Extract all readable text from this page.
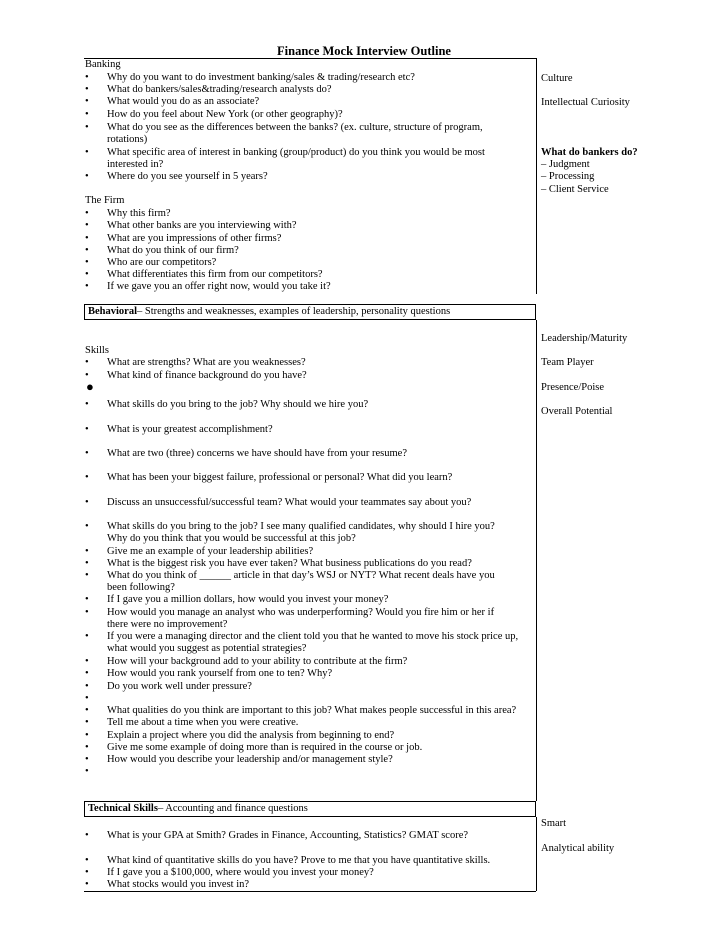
Finance Mock Interview Outline
Banking
• Why do you want to do investment banking/sales & trading/research etc?
• What do bankers/sales&trading/research analysts do?
• What would you do as an associate?
• How do you feel about New York (or other geography)?
• What do you see as the differences between the banks? (ex. culture, structure of program,
rotations)
• What specific area of interest in banking (group/product) do you think you would be most
interested in?
• Where do you see yourself in 5 years?
The Firm
• Why this firm?
• What other banks are you interviewing with?
• What are you impressions of other firms?
• What do you think of our firm?
• Who are our competitors?
• What differentiates this firm from our competitors?
• If we gave you an offer right now, would you take it?
Behavioral– Strengths and weaknesses, examples of leadership, personality questions
Skills
• What are strengths? What are you weaknesses?
• What kind of finance background do you have?
●
• What skills do you bring to the job? Why should we hire you?
• What is your greatest accomplishment?
• What are two (three) concerns we have should have from your resume?
• What has been your biggest failure, professional or personal? What did you learn?
• Discuss an unsuccessful/successful team? What would your teammates say about you?
• What skills do you bring to the job? I see many qualified candidates, why should I hire you?
Why do you think that you would be successful at this job?
• Give me an example of your leadership abilities?
• What is the biggest risk you have ever taken? What business publications do you read?
• What do you think of ______ article in that day’s WSJ or NYT? What recent deals have you
been following?
• If I gave you a million dollars, how would you invest your money?
• How would you manage an analyst who was underperforming? Would you fire him or her if
there were no improvement?
• If you were a managing director and the client told you that he wanted to move his stock price up,
what would you suggest as potential strategies?
• How will your background add to your ability to contribute at the firm?
• How would you rank yourself from one to ten? Why?
• Do you work well under pressure?
•
• What qualities do you think are important to this job? What makes people successful in this area?
• Tell me about a time when you were creative.
• Explain a project where you did the analysis from beginning to end?
• Give me some example of doing more than is required in the course or job.
• How would you describe your leadership and/or management style?
•
Technical Skills– Accounting and finance questions
• What is your GPA at Smith? Grades in Finance, Accounting, Statistics? GMAT score?
• What kind of quantitative skills do you have? Prove to me that you have quantitative skills.
• If I gave you a $100,000, where would you invest your money?
• What stocks would you invest in?
Culture
Intellectual Curiosity
What do bankers do?
– Judgment
– Processing
– Client Service
Leadership/Maturity
Team Player
Presence/Poise
Overall Potential
Smart
Analytical ability
